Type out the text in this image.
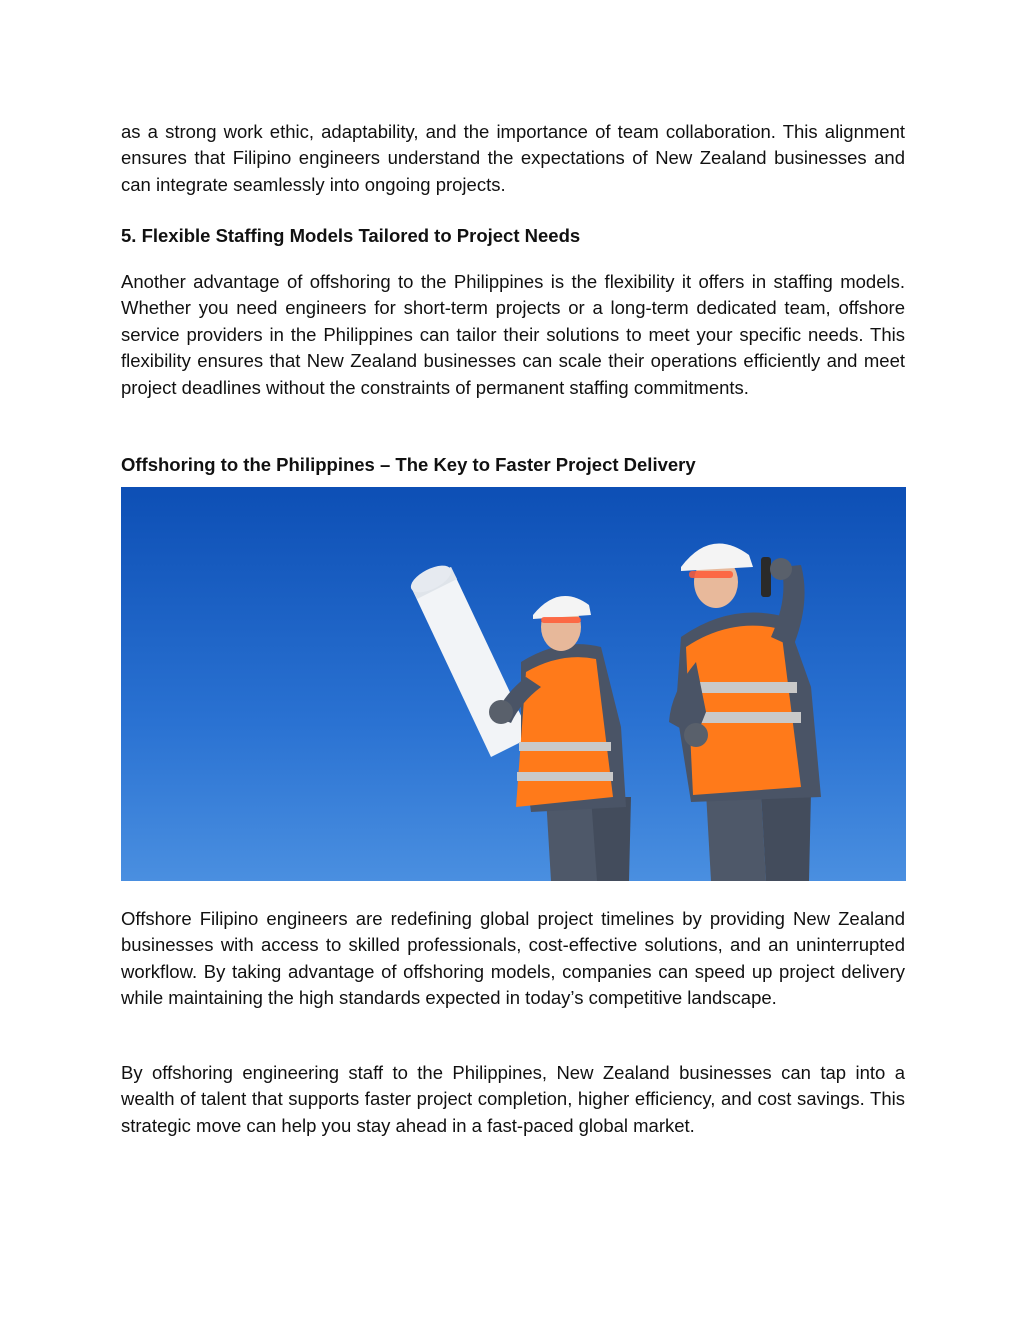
as a strong work ethic, adaptability, and the importance of team collaboration. This alignment ensures that Filipino engineers understand the expectations of New Zealand businesses and can integrate seamlessly into ongoing projects.

5. Flexible Staffing Models Tailored to Project Needs

Another advantage of offshoring to the Philippines is the flexibility it offers in staffing models. Whether you need engineers for short-term projects or a long-term dedicated team, offshore service providers in the Philippines can tailor their solutions to meet your specific needs. This flexibility ensures that New Zealand businesses can scale their operations efficiently and meet project deadlines without the constraints of permanent staffing commitments.

Offshoring to the Philippines – The Key to Faster Project Delivery

Offshore Filipino engineers are redefining global project timelines by providing New Zealand businesses with access to skilled professionals, cost-effective solutions, and an uninterrupted workflow. By taking advantage of offshoring models, companies can speed up project delivery while maintaining the high standards expected in today’s competitive landscape.

By offshoring engineering staff to the Philippines, New Zealand businesses can tap into a wealth of talent that supports faster project completion, higher efficiency, and cost savings. This strategic move can help you stay ahead in a fast-paced global market.
